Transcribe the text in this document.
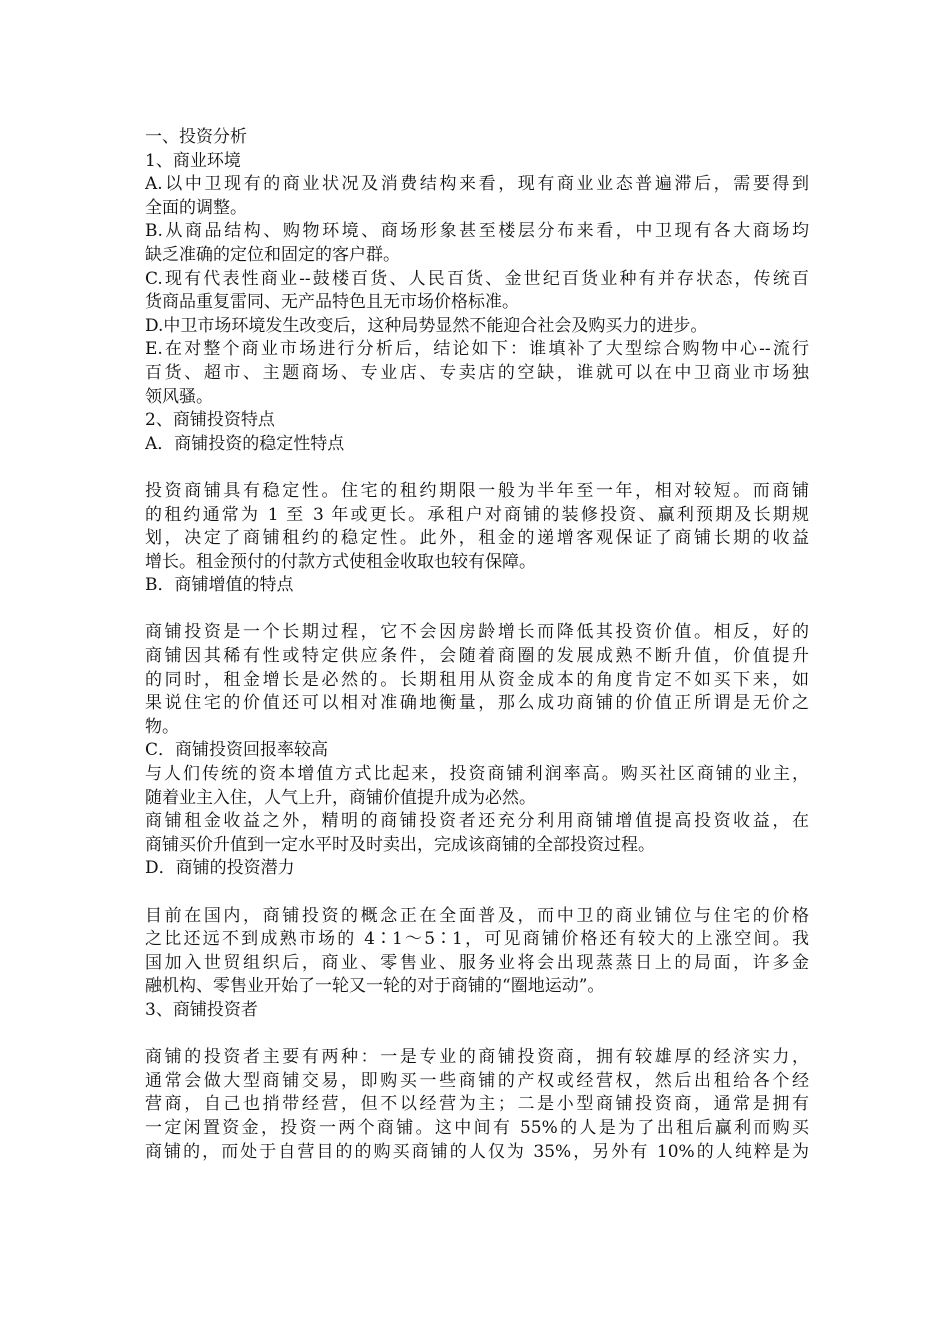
一、投资分析
1、商业环境
A.以中卫现有的商业状况及消费结构来看，现有商业业态普遍滞后，需要得到
全面的调整。
B.从商品结构、购物环境、商场形象甚至楼层分布来看，中卫现有各大商场均
缺乏准确的定位和固定的客户群。
C.现有代表性商业--鼓楼百货、人民百货、金世纪百货业种有并存状态，传统百
货商品重复雷同、无产品特色且无市场价格标准。
D.中卫市场环境发生改变后，这种局势显然不能迎合社会及购买力的进步。
E.在对整个商业市场进行分析后，结论如下：谁填补了大型综合购物中心--流行
百货、超市、主题商场、专业店、专卖店的空缺，谁就可以在中卫商业市场独
领风骚。
2、商铺投资特点
A．商铺投资的稳定性特点
投资商铺具有稳定性。住宅的租约期限一般为半年至一年，相对较短。而商铺
的租约通常为 1 至 3 年或更长。承租户对商铺的装修投资、赢利预期及长期规
划，决定了商铺租约的稳定性。此外，租金的递增客观保证了商铺长期的收益
增长。租金预付的付款方式使租金收取也较有保障。
B．商铺增值的特点
商铺投资是一个长期过程，它不会因房龄增长而降低其投资价值。相反，好的
商铺因其稀有性或特定供应条件，会随着商圈的发展成熟不断升值，价值提升
的同时，租金增长是必然的。长期租用从资金成本的角度肯定不如买下来，如
果说住宅的价值还可以相对准确地衡量，那么成功商铺的价值正所谓是无价之
物。
C．商铺投资回报率较高
与人们传统的资本增值方式比起来，投资商铺利润率高。购买社区商铺的业主，
随着业主入住，人气上升，商铺价值提升成为必然。
商铺租金收益之外，精明的商铺投资者还充分利用商铺增值提高投资收益，在
商铺买价升值到一定水平时及时卖出，完成该商铺的全部投资过程。
D．商铺的投资潜力
目前在国内，商铺投资的概念正在全面普及，而中卫的商业铺位与住宅的价格
之比还远不到成熟市场的 4∶1～5∶1，可见商铺价格还有较大的上涨空间。我
国加入世贸组织后，商业、零售业、服务业将会出现蒸蒸日上的局面，许多金
融机构、零售业开始了一轮又一轮的对于商铺的“圈地运动”。
3、商铺投资者
商铺的投资者主要有两种：一是专业的商铺投资商，拥有较雄厚的经济实力，
通常会做大型商铺交易，即购买一些商铺的产权或经营权，然后出租给各个经
营商，自己也捎带经营，但不以经营为主；二是小型商铺投资商，通常是拥有
一定闲置资金，投资一两个商铺。这中间有 55%的人是为了出租后赢利而购买
商铺的，而处于自营目的的购买商铺的人仅为 35%，另外有 10%的人纯粹是为
